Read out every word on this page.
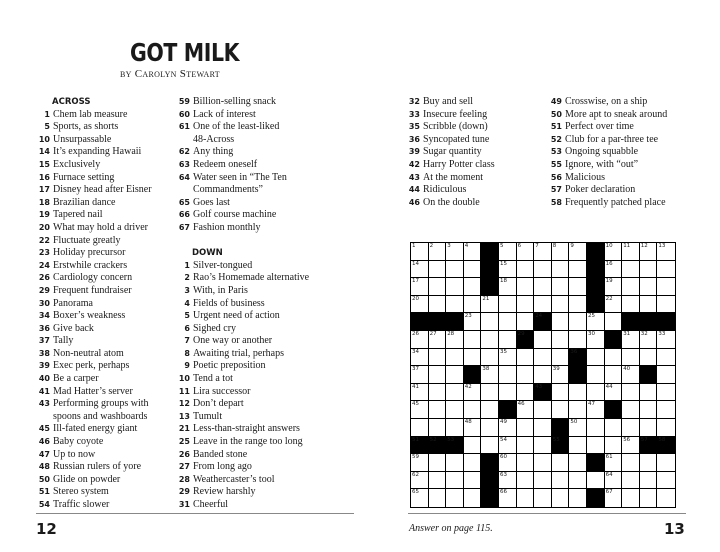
GOT MILK
by Carolyn Stewart
ACROSS
1 Chem lab measure
5 Sports, as shorts
10 Unsurpassable
14 It’s expanding Hawaii
15 Exclusively
16 Furnace setting
17 Disney head after Eisner
18 Brazilian dance
19 Tapered nail
20 What may hold a driver
22 Fluctuate greatly
23 Holiday precursor
24 Erstwhile crackers
26 Cardiology concern
29 Frequent fundraiser
30 Panorama
34 Boxer’s weakness
36 Give back
37 Tally
38 Non-neutral atom
39 Exec perk, perhaps
40 Be a carper
41 Mad Hatter’s server
43 Performing groups with
spoons and washboards
45 Ill-fated energy giant
46 Baby coyote
47 Up to now
48 Russian rulers of yore
50 Glide on powder
51 Stereo system
54 Traffic slower
59 Billion-selling snack
60 Lack of interest
61 One of the least-liked
48-Across
62 Any thing
63 Redeem oneself
64 Water seen in “The Ten
Commandments”
65 Goes last
66 Golf course machine
67 Fashion monthly
DOWN
1 Silver-tongued
2 Rao’s Homemade alternative
3 With, in Paris
4 Fields of business
5 Urgent need of action
6 Sighed cry
7 One way or another
8 Awaiting trial, perhaps
9 Poetic preposition
10 Tend a tot
11 Lira successor
12 Don’t depart
13 Tumult
21 Less-than-straight answers
25 Leave in the range too long
26 Banded stone
27 From long ago
28 Weathercaster’s tool
29 Review harshly
31 Cheerful
32 Buy and sell
33 Insecure feeling
35 Scribble (down)
36 Syncopated tune
39 Sugar quantity
42 Harry Potter class
43 At the moment
44 Ridiculous
46 On the double
49 Crosswise, on a ship
50 More apt to sneak around
51 Perfect over time
52 Club for a par-three tee
53 Ongoing squabble
55 Ignore, with “out”
56 Malicious
57 Poker declaration
58 Frequently patched place
1	2	3	4	5	6	7	8	9	10 11 12 13
14	15	16
17	18	19
20	21	22
23	24	25
26 27 28	29	30	31 32 33
34	35	36
37	38	39	40
41	42	43	44
45	46	47
48	49	50
51 52 53	54	55	56 57 58
59	60	61
62	63	64
65	66	67
12	Answer on page 115.	13
